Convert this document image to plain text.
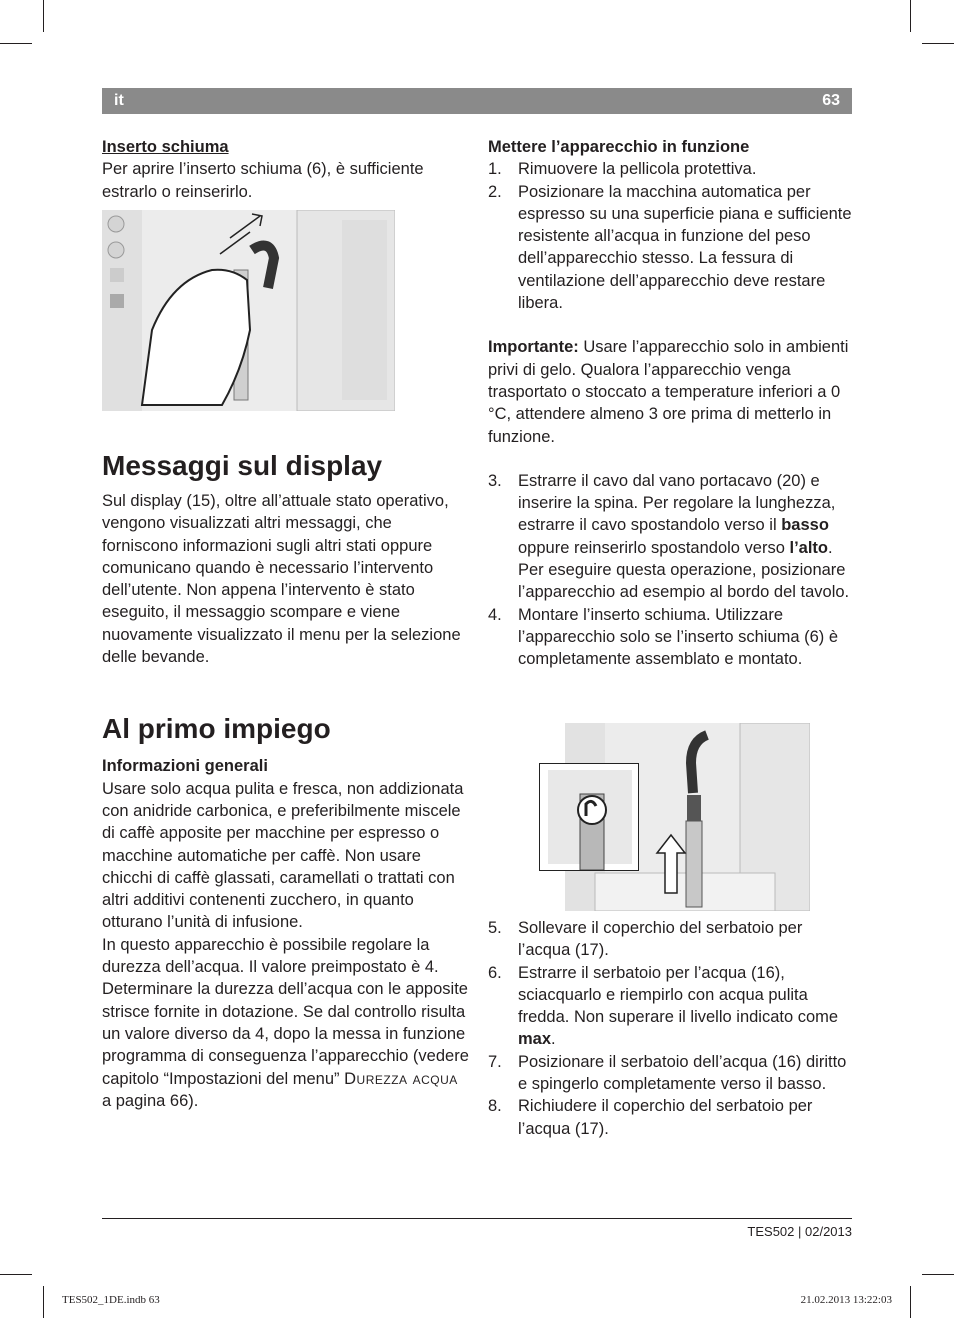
it	63

Inserto schiuma

Per aprire l’inserto schiuma (6), è sufficiente estrarlo o reinserirlo.

Messaggi sul display

Sul display (15), oltre all’attuale stato operativo, vengono visualizzati altri messaggi, che forniscono informazioni sugli altri stati oppure comunicano quando è necessario l’intervento dell’utente. Non appena l’intervento è stato eseguito, il messaggio scompare e viene nuovamente visualizzato il menu per la selezione delle bevande.

Al primo impiego

Informazioni generali

Usare solo acqua pulita e fresca, non addizionata con anidride carbonica, e preferibilmente miscele di caffè apposite per macchine per espresso o macchine automatiche per caffè. Non usare chicchi di caffè glassati, caramellati o trattati con altri additivi contenenti zucchero, in quanto otturano l’unità di infusione.

In questo apparecchio è possibile regolare la durezza dell’acqua. Il valore preimpostato è 4. Determinare la durezza dell’acqua con le apposite strisce fornite in dotazione. Se dal controllo risulta un valore diverso da 4, dopo la messa in funzione programma di conseguenza l’apparecchio (vedere capitolo “Impostazioni del menu” Durezza acqua a pagina 66).

Mettere l’apparecchio in funzione

1. Rimuovere la pellicola protettiva.
2. Posizionare la macchina automatica per espresso su una superficie piana e sufficiente resistente all’acqua in funzione del peso dell’apparecchio stesso. La fessura di ventilazione dell’apparecchio deve restare libera.

Importante: Usare l’apparecchio solo in ambienti privi di gelo. Qualora l’apparecchio venga trasportato o stoccato a temperature inferiori a 0 °C, attendere almeno 3 ore prima di metterlo in funzione.

3. Estrarre il cavo dal vano portacavo (20) e inserire la spina. Per regolare la lunghezza, estrarre il cavo spostandolo verso il basso oppure reinserirlo spostandolo verso l’alto. Per eseguire questa operazione, posizionare l’apparecchio ad esempio al bordo del tavolo.
4. Montare l’inserto schiuma. Utilizzare l’apparecchio solo se l’inserto schiuma (6) è completamente assemblato e montato.
5. Sollevare il coperchio del serbatoio per l’acqua (17).
6. Estrarre il serbatoio per l’acqua (16), sciacquarlo e riempirlo con acqua pulita fredda. Non superare il livello indicato come max.
7. Posizionare il serbatoio dell’acqua (16) diritto e spingerlo completamente verso il basso.
8. Richiudere il coperchio del serbatoio per l’acqua (17).
TES502 | 02/2013
TES502_1DE.indb 63	21.02.2013 13:22:03
